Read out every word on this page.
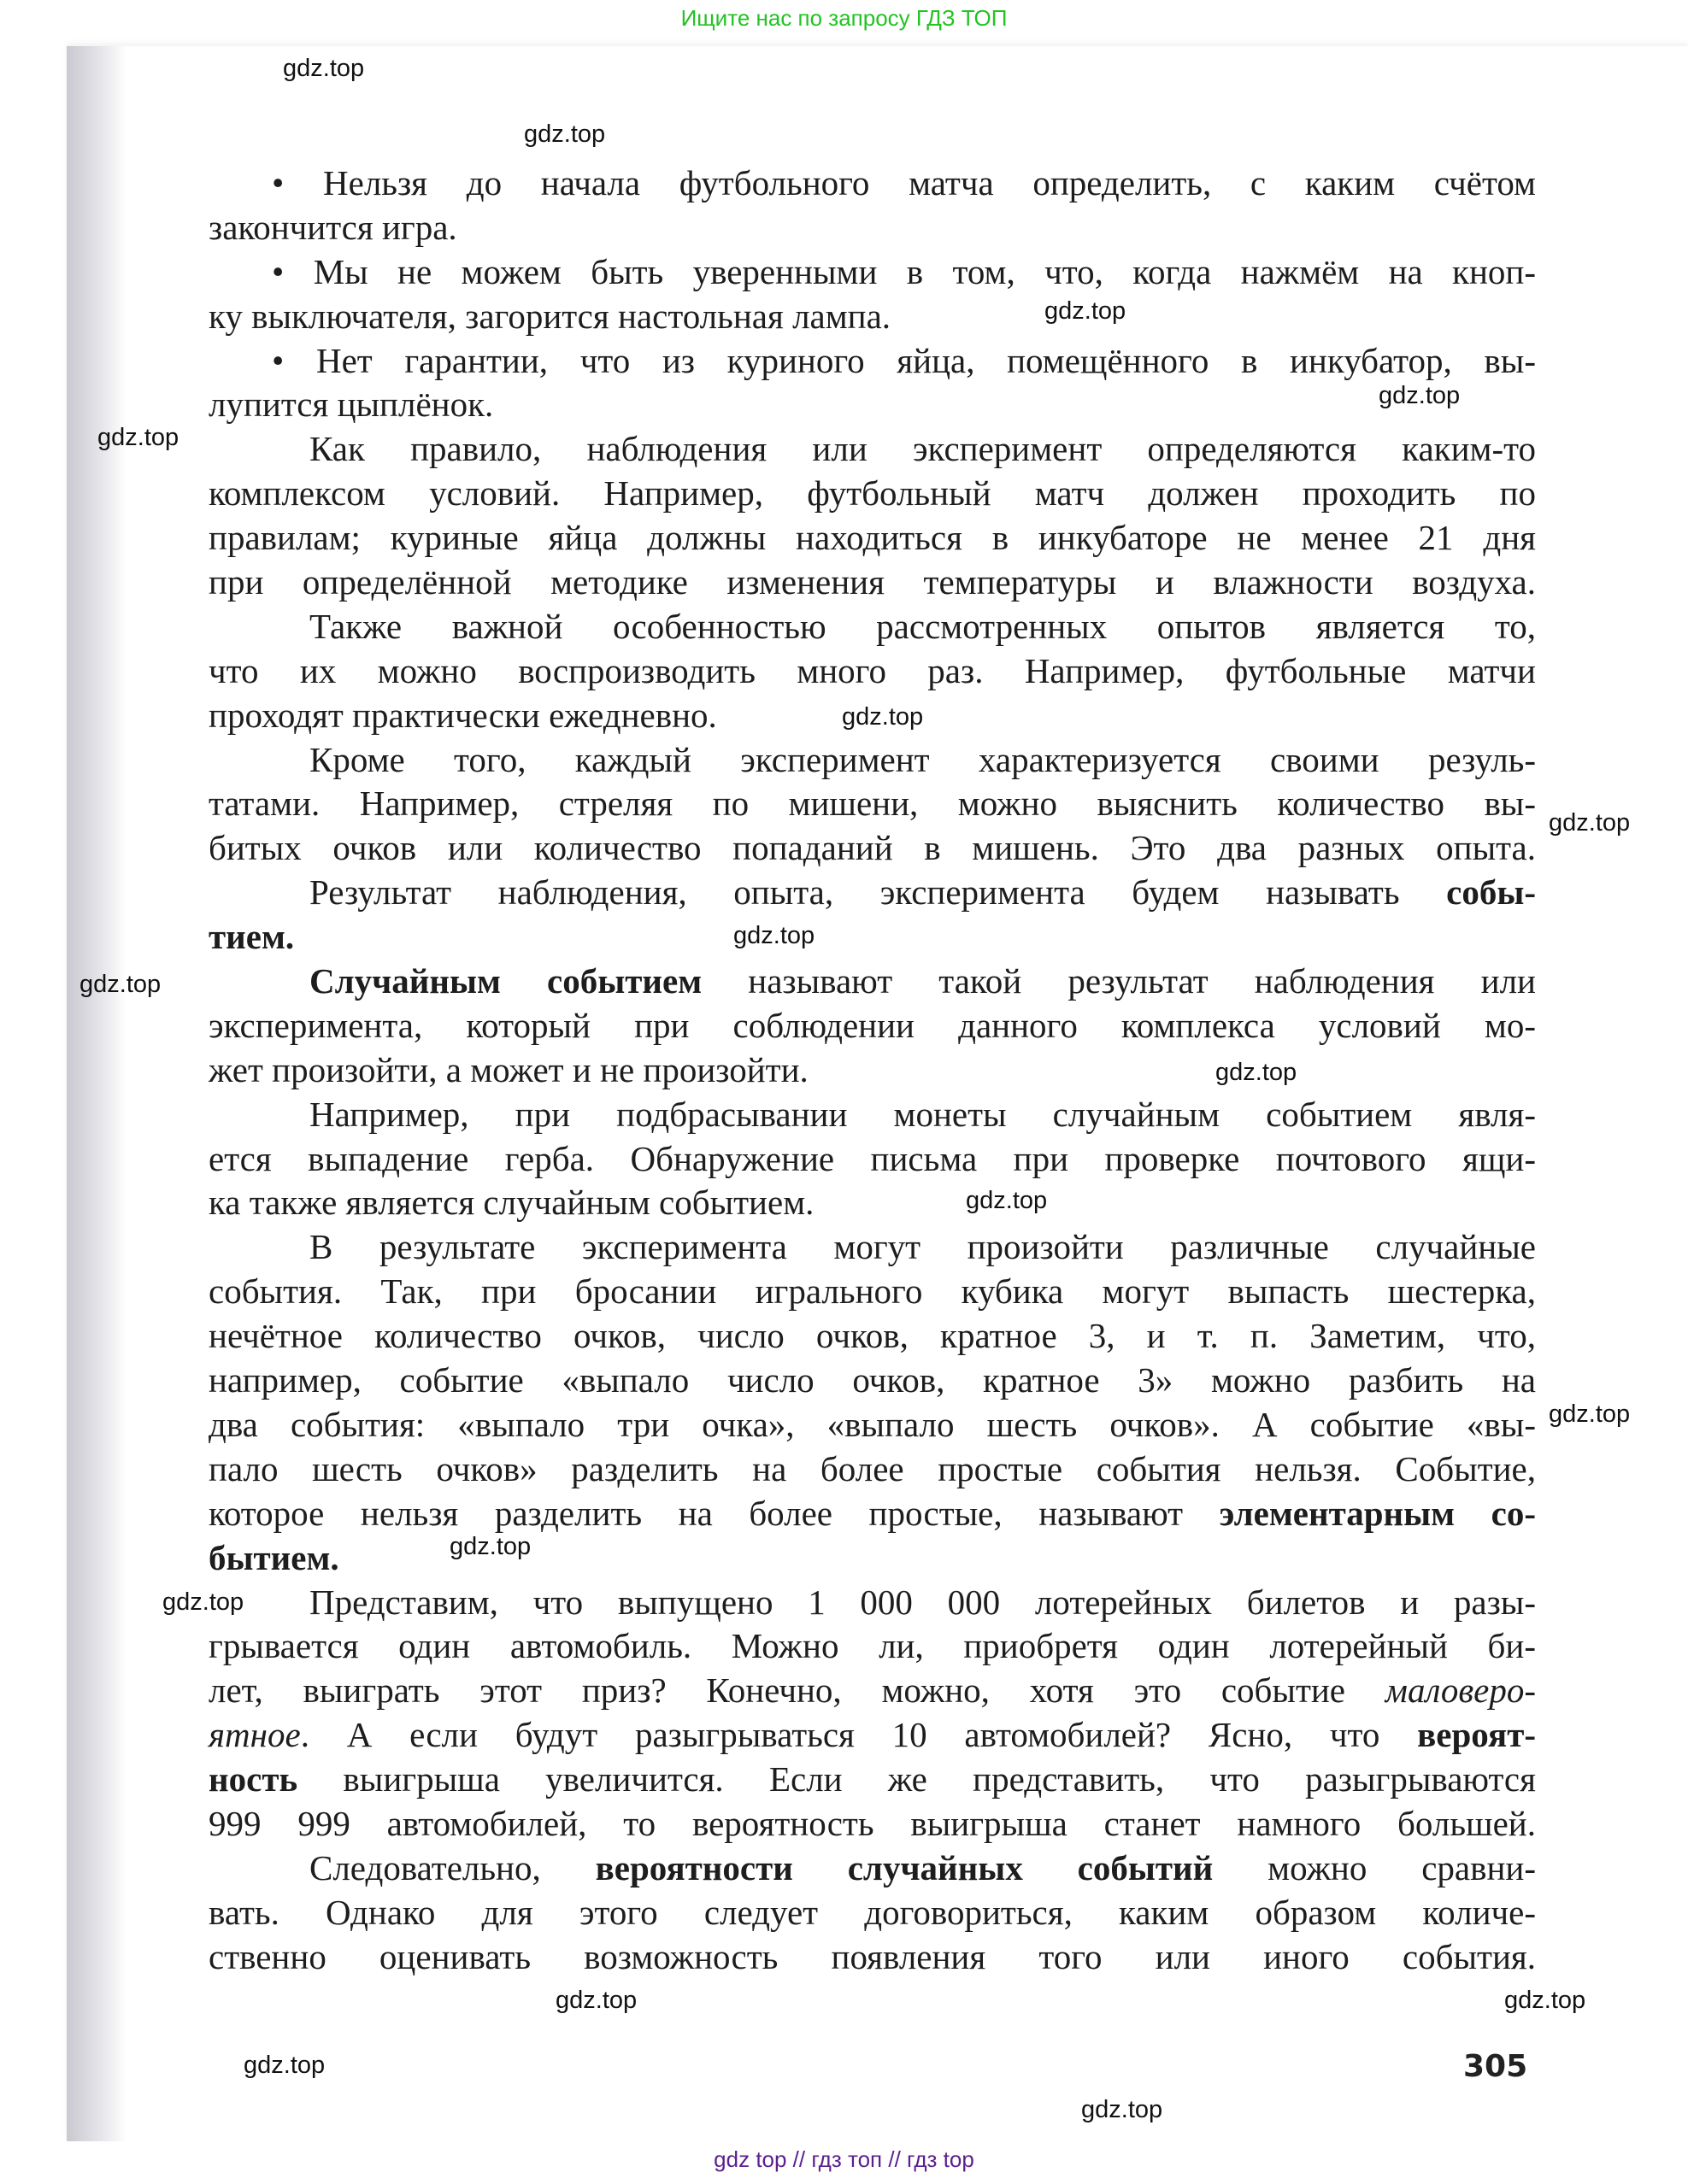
Ищите нас по запросу ГДЗ ТОП
• Нельзя до начала футбольного матча определить, с каким счётом
закончится игра.
• Мы не можем быть уверенными в том, что, когда нажмём на кноп-
ку выключателя, загорится настольная лампа.
• Нет гарантии, что из куриного яйца, помещённого в инкубатор, вы-
лупится цыплёнок.
Как правило, наблюдения или эксперимент определяются каким-то
комплексом условий. Например, футбольный матч должен проходить по
правилам; куриные яйца должны находиться в инкубаторе не менее 21 дня
при определённой методике изменения температуры и влажности воздуха.
Также важной особенностью рассмотренных опытов является то,
что их можно воспроизводить много раз. Например, футбольные матчи
проходят практически ежедневно.
Кроме того, каждый эксперимент характеризуется своими резуль-
татами. Например, стреляя по мишени, можно выяснить количество вы-
битых очков или количество попаданий в мишень. Это два разных опыта.
Результат наблюдения, опыта, эксперимента будем называть собы-
тием.
Случайным событием называют такой результат наблюдения или
эксперимента, который при соблюдении данного комплекса условий мо-
жет произойти, а может и не произойти.
Например, при подбрасывании монеты случайным событием явля-
ется выпадение герба. Обнаружение письма при проверке почтового ящи-
ка также является случайным событием.
В результате эксперимента могут произойти различные случайные
события. Так, при бросании игрального кубика могут выпасть шестерка,
нечётное количество очков, число очков, кратное 3, и т. п. Заметим, что,
например, событие «выпало число очков, кратное 3» можно разбить на
два события: «выпало три очка», «выпало шесть очков». А событие «вы-
пало шесть очков» разделить на более простые события нельзя. Событие,
которое нельзя разделить на более простые, называют элементарным со-
бытием.
Представим, что выпущено 1 000 000 лотерейных билетов и разы-
грывается один автомобиль. Можно ли, приобретя один лотерейный би-
лет, выиграть этот приз? Конечно, можно, хотя это событие маловеро-
ятное. А если будут разыгрываться 10 автомобилей? Ясно, что вероят-
ность выигрыша увеличится. Если же представить, что разыгрываются
999 999 автомобилей, то вероятность выигрыша станет намного большей.
Следовательно, вероятности случайных событий можно сравни-
вать. Однако для этого следует договориться, каким образом количе-
ственно оценивать возможность появления того или иного события.
gdz.top
gdz.top
gdz.top
gdz.top
gdz.top
gdz.top
gdz.top
gdz.top
gdz.top
gdz.top
gdz.top
gdz.top
gdz.top
gdz.top
gdz.top
gdz.top
gdz.top
gdz.top
305
gdz top // гдз топ // гдз top
